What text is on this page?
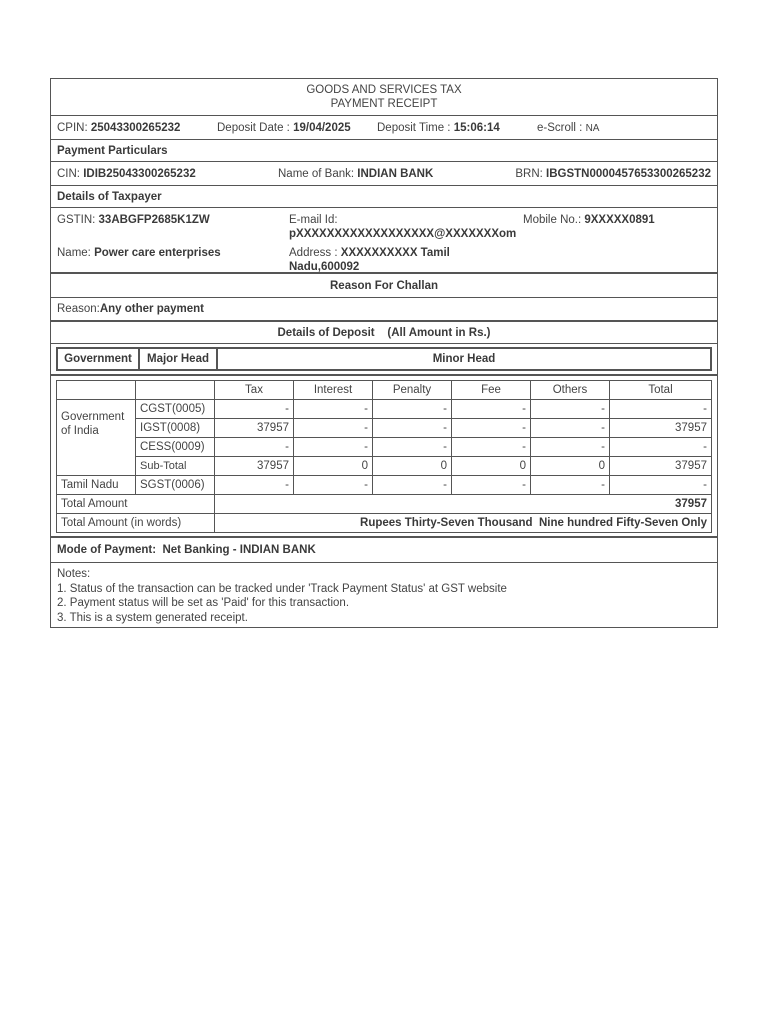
GOODS AND SERVICES TAX
PAYMENT RECEIPT
CPIN: 25043300265232	Deposit Date : 19/04/2025	Deposit Time : 15:06:14	e-Scroll : NA
Payment Particulars
CIN: IDIB25043300265232	Name of Bank: INDIAN BANK	BRN: IBGSTN0000457653300265232
Details of Taxpayer
GSTIN: 33ABGFP2685K1ZW	E-mail Id:
pXXXXXXXXXXXXXXXXXX@XXXXXXXom
Mobile No.: 9XXXXX0891
Name: Power care enterprises	Address : XXXXXXXXXX Tamil
Nadu,600092
Reason For Challan
Reason: Any other payment
Details of Deposit
(All Amount in Rs.)
Government	Major Head	Minor Head
		Tax	Interest	Penalty	Fee	Others	Total

Government
of India	CGST(0005)	-	-	-	-	-	-
	IGST(0008)	37957	-	-	-	-	37957
	CESS(0009)	-	-	-	-	-	-
	Sub-Total	37957	0	0	0	0	37957
Tamil Nadu	SGST(0006)	-	-	-	-	-	-
Total Amount		37957					
Total Amount (in words)		Rupees Thirty-Seven Thousand  Nine hundred Fifty-Seven Only					
Mode of Payment: Net Banking - INDIAN BANK
Notes:
1. Status of the transaction can be tracked under 'Track Payment Status' at GST website
2. Payment status will be set as 'Paid' for this transaction.
3. This is a system generated receipt.
